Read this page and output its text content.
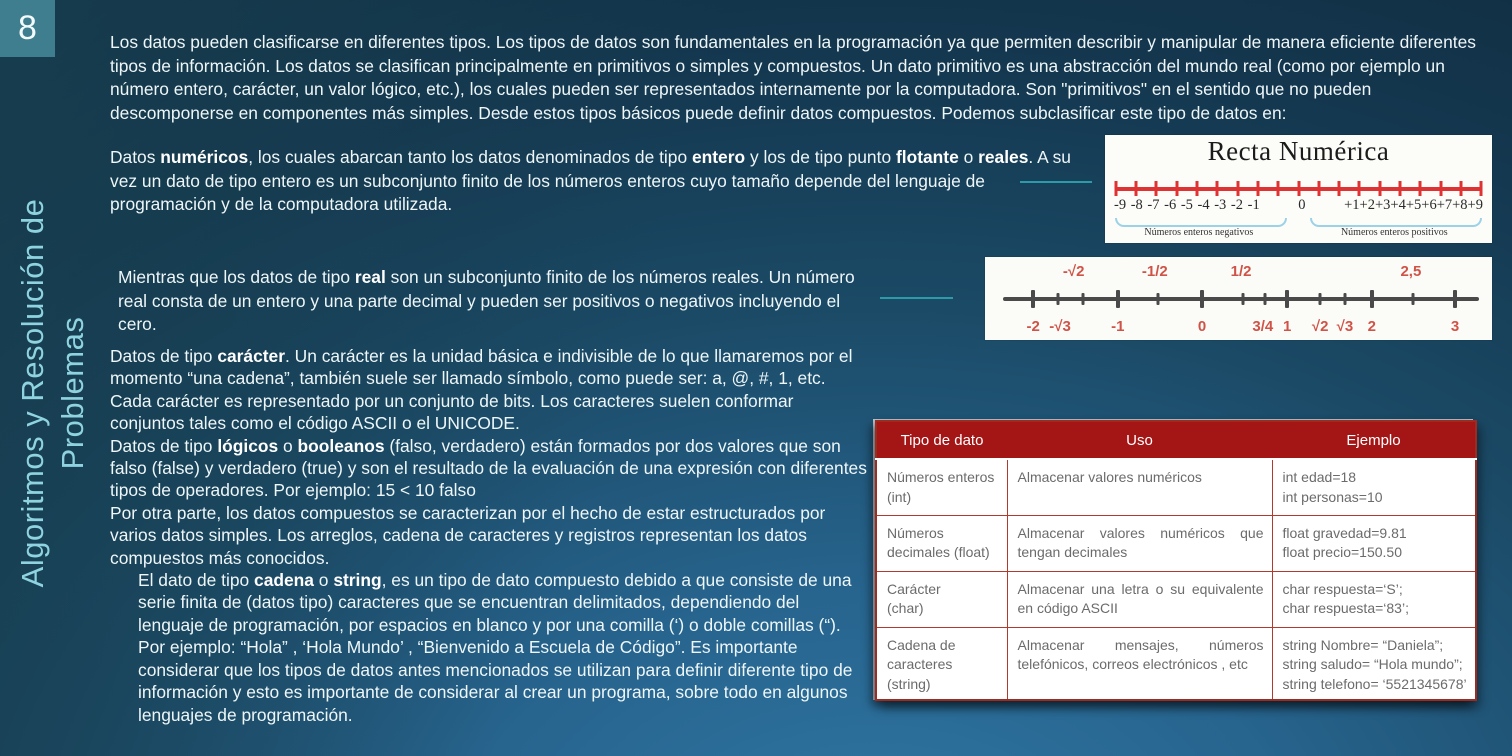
8
Algoritmos y Resolución de Problemas

Los datos pueden clasificarse en diferentes tipos. Los tipos de datos son fundamentales en la programación ya que permiten describir y manipular de manera eficiente diferentes tipos de información. Los datos se clasifican principalmente en primitivos o simples y compuestos. Un dato primitivo es una abstracción del mundo real (como por ejemplo un número entero, carácter, un valor lógico, etc.), los cuales pueden ser representados internamente por la computadora. Son "primitivos" en el sentido que no pueden descomponerse en componentes más simples. Desde estos tipos básicos puede definir datos compuestos. Podemos subclasificar este tipo de datos en:

Datos numéricos, los cuales abarcan tanto los datos denominados de tipo entero y los de tipo punto flotante o reales. A su vez un dato de tipo entero es un subconjunto finito de los números enteros cuyo tamaño depende del lenguaje de programación y de la computadora utilizada.

Mientras que los datos de tipo real son un subconjunto finito de los números reales. Un número real consta de un entero y una parte decimal y pueden ser positivos o negativos incluyendo el cero.

Recta Numérica
-9 -8 -7 -6 -5 -4 -3 -2 -1	0	+1+2+3+4+5+6+7+8+9
Números enteros negativos	Números enteros positivos
-√2	-1/2	1/2	2,5
-2 -√3	-1	0	3/4 1 √2 √3 2	3
Tipo de dato	Uso	Ejemplo

Números enteros
(int)
	Almacenar valores numéricos	int edad=18
int personas=10

Números
decimales (float)
	Almacenar valores numéricos que tengan decimales	
float gravedad=9.81
float precio=150.50

Carácter
(char)
	Almacenar una letra o su equivalente en código ASCII	
char respuesta=‘S’;
char respuesta=‘83’;

Cadena de
caracteres
(string)
	Almacenar mensajes, números telefónicos, correos electrónicos , etc	
string Nombre= “Daniela”;
string saludo= “Hola mundo”;
string telefono= ‘5521345678’

Datos de tipo carácter. Un carácter es la unidad básica e indivisible de lo que llamaremos por el momento “una cadena”, también suele ser llamado símbolo, como puede ser: a, @, #, 1, etc. Cada carácter es representado por un conjunto de bits. Los caracteres suelen conformar conjuntos tales como el código ASCII o el UNICODE.

Datos de tipo lógicos o booleanos (falso, verdadero) están formados por dos valores que son falso (false) y verdadero (true) y son el resultado de la evaluación de una expresión con diferentes tipos de operadores. Por ejemplo: 15 < 10 falso

Por otra parte, los datos compuestos se caracterizan por el hecho de estar estructurados por varios datos simples. Los arreglos, cadena de caracteres y registros representan los datos compuestos más conocidos.

El dato de tipo cadena o string, es un tipo de dato compuesto debido a que consiste de una serie finita de (datos tipo) caracteres que se encuentran delimitados, dependiendo del lenguaje de programación, por espacios en blanco y por una comilla (‘) o doble comillas (“). Por ejemplo: “Hola” , ‘Hola Mundo’ , “Bienvenido a Escuela de Código”. Es importante considerar que los tipos de datos antes mencionados se utilizan para definir diferente tipo de información y esto es importante de considerar al crear un programa, sobre todo en algunos lenguajes de programación.
